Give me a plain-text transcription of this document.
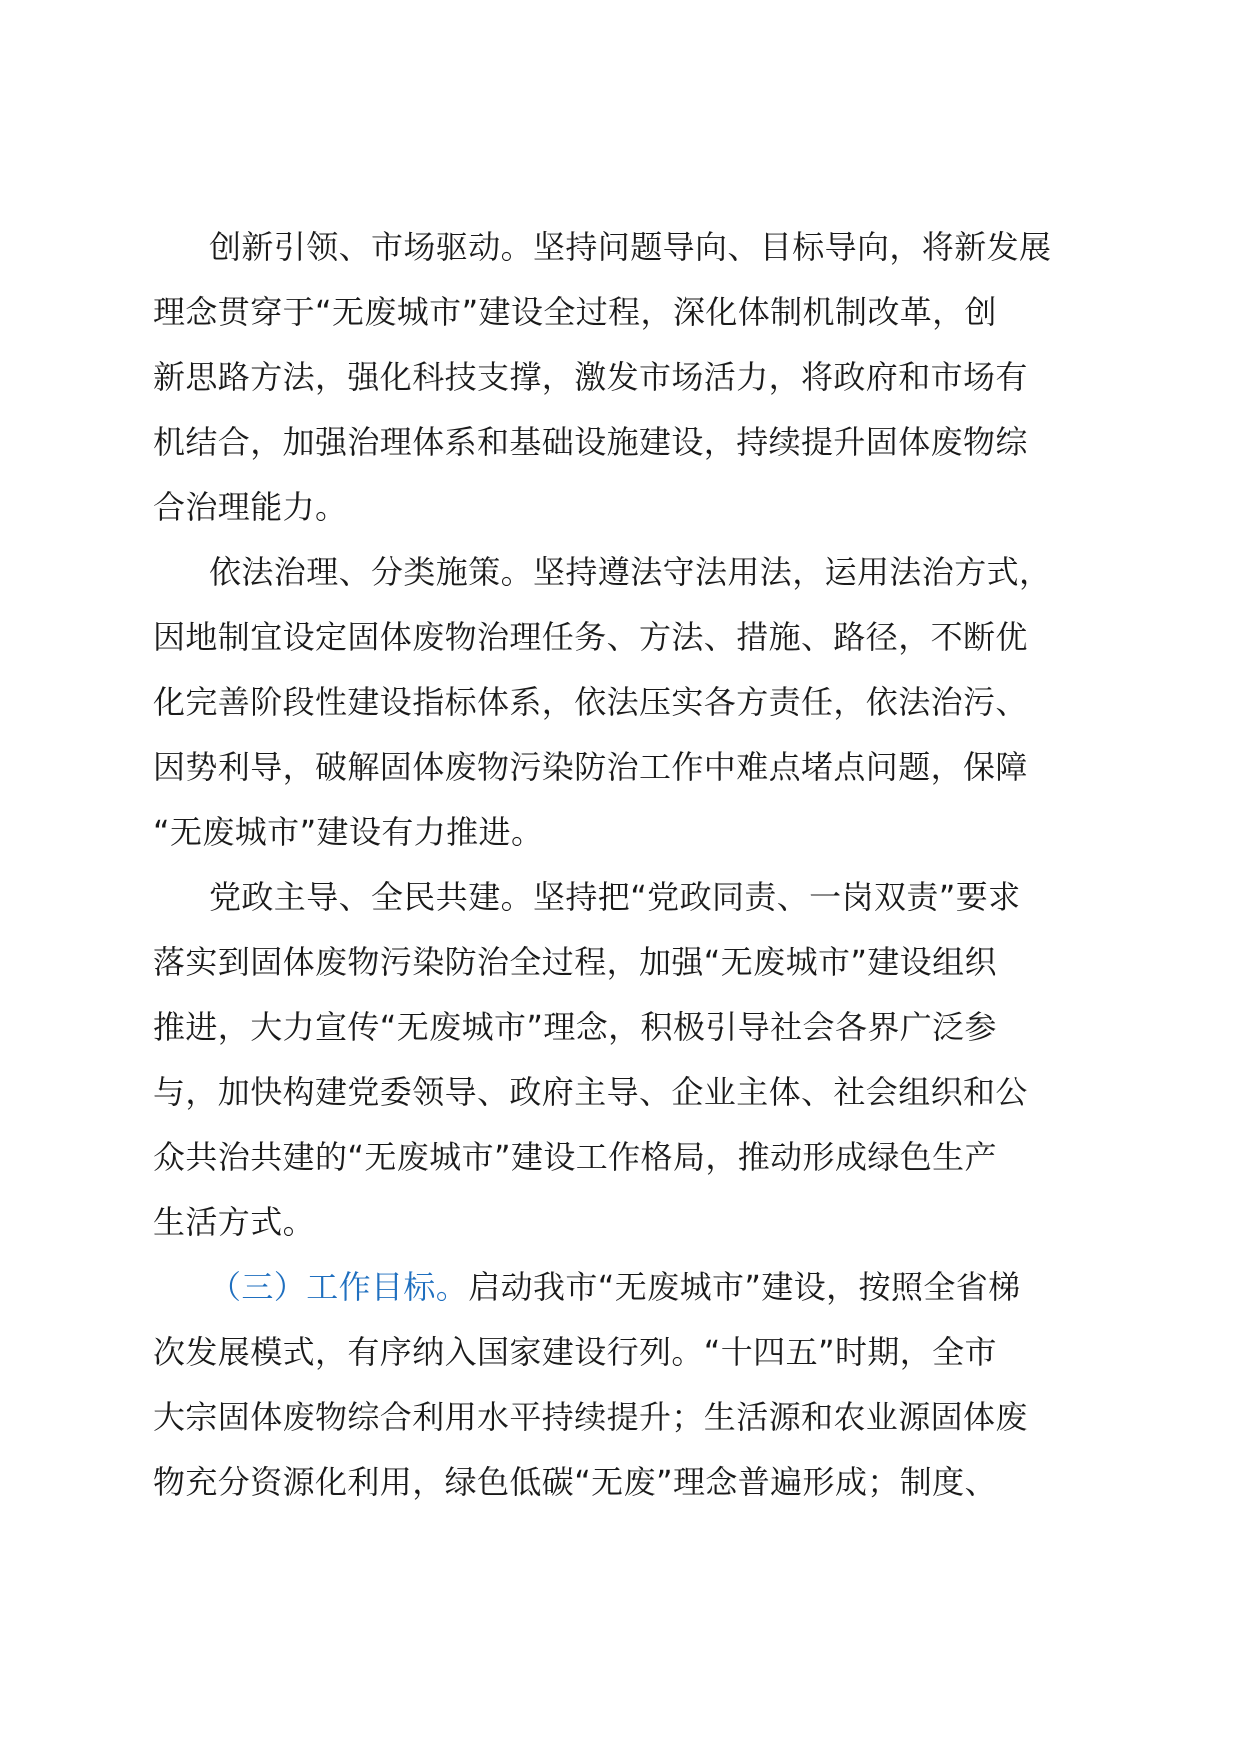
创新引领、市场驱动。坚持问题导向、目标导向，将新发展
理念贯穿于“无废城市”建设全过程，深化体制机制改革，创
新思路方法，强化科技支撑，激发市场活力，将政府和市场有
机结合，加强治理体系和基础设施建设，持续提升固体废物综
合治理能力。
依法治理、分类施策。坚持遵法守法用法，运用法治方式，
因地制宜设定固体废物治理任务、方法、措施、路径，不断优
化完善阶段性建设指标体系，依法压实各方责任，依法治污、
因势利导，破解固体废物污染防治工作中难点堵点问题，保障
“无废城市”建设有力推进。
党政主导、全民共建。坚持把“党政同责、一岗双责”要求
落实到固体废物污染防治全过程，加强“无废城市”建设组织
推进，大力宣传“无废城市”理念，积极引导社会各界广泛参
与，加快构建党委领导、政府主导、企业主体、社会组织和公
众共治共建的“无废城市”建设工作格局，推动形成绿色生产
生活方式。
（三）工作目标。启动我市“无废城市”建设，按照全省梯
次发展模式，有序纳入国家建设行列。“十四五”时期，全市
大宗固体废物综合利用水平持续提升；生活源和农业源固体废
物充分资源化利用，绿色低碳“无废”理念普遍形成；制度、
